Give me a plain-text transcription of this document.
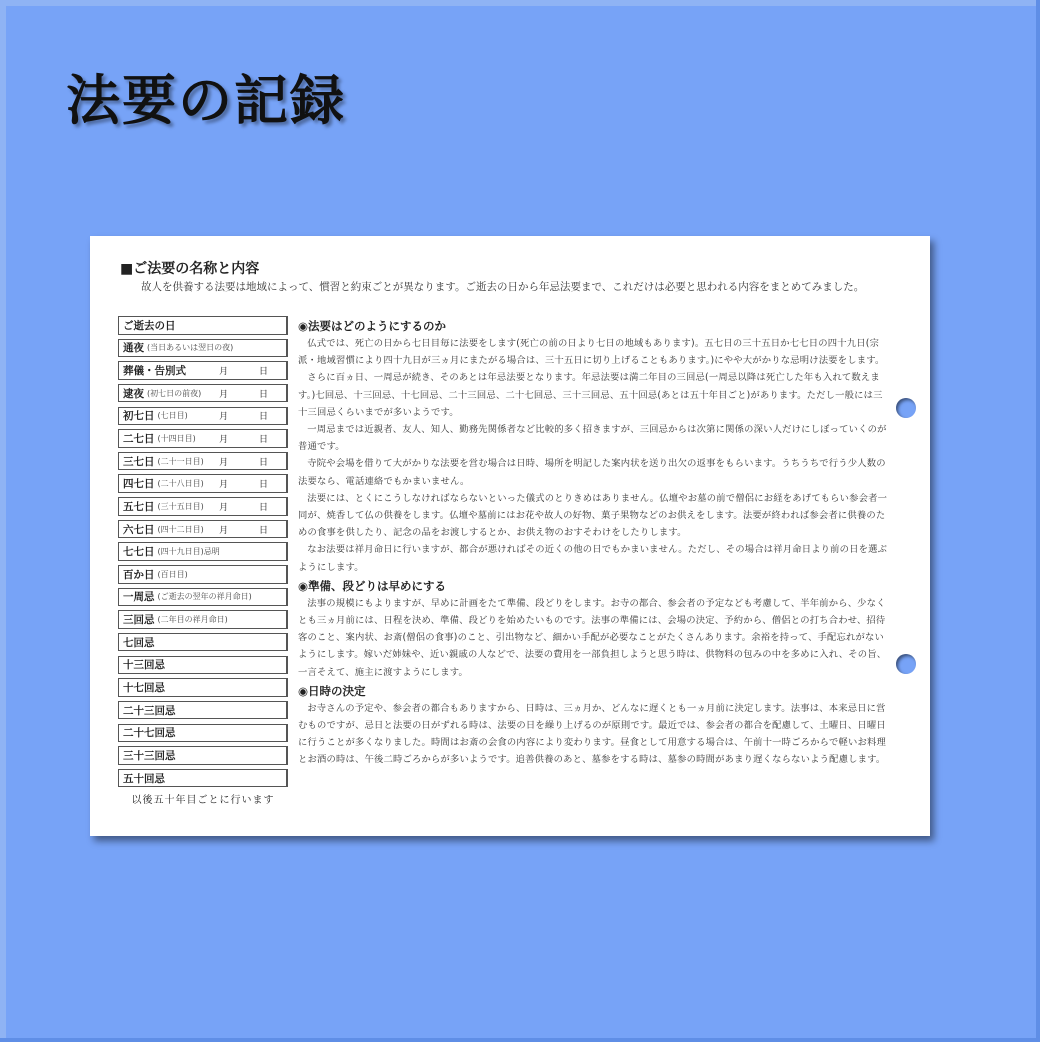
法要の記録
■ご法要の名称と内容
故人を供養する法要は地域によって、慣習と約束ごとが異なります。ご逝去の日から年忌法要まで、これだけは必要と思われる内容をまとめてみました。
ご逝去の日
通夜 (当日あるいは翌日の夜)
葬儀・告別式	月 日
逮夜 (初七日の前夜) 月 日
初七日 (七日目)	月 日
二七日 (十四日目)	月 日
三七日 (二十一日目) 月 日
四七日 (二十八日目) 月 日
五七日 (三十五日目) 月 日
六七日 (四十二日目) 月 日
七七日 (四十九日目)忌明
百か日 (百日目)
一周忌 (ご逝去の翌年の祥月命日)
三回忌 (二年目の祥月命日)
七回忌
十三回忌
十七回忌
二十三回忌
二十七回忌
三十三回忌
五十回忌
以後五十年目ごとに行います
◉法要はどのようにするのか

仏式では、死亡の日から七日目毎に法要をします(死亡の前の日より七日の地域もあります)。五七日の三十五日か七七日の四十九日(宗派・地域習慣により四十九日が三ヵ月にまたがる場合は、三十五日に切り上げることもあります。)にやや大がかりな忌明け法要をします。

さらに百ヵ日、一周忌が続き、そのあとは年忌法要となります。年忌法要は満二年目の三回忌(一周忌以降は死亡した年も入れて数えます。)七回忌、十三回忌、十七回忌、二十三回忌、二十七回忌、三十三回忌、五十回忌(あとは五十年目ごと)があります。ただし一般には三十三回忌くらいまでが多いようです。

一周忌までは近親者、友人、知人、勤務先関係者など比較的多く招きますが、三回忌からは次第に関係の深い人だけにしぼっていくのが普通です。

寺院や会場を借りて大がかりな法要を営む場合は日時、場所を明記した案内状を送り出欠の返事をもらいます。うちうちで行う少人数の法要なら、電話連絡でもかまいません。

法要には、とくにこうしなければならないといった儀式のとりきめはありません。仏壇やお墓の前で僧侶にお経をあげてもらい参会者一同が、焼香して仏の供養をします。仏壇や墓前にはお花や故人の好物、菓子果物などのお供えをします。法要が終われば参会者に供養のための食事を供したり、記念の品をお渡しするとか、お供え物のおすそわけをしたりします。

なお法要は祥月命日に行いますが、都合が悪ければその近くの他の日でもかまいません。ただし、その場合は祥月命日より前の日を選ぶようにします。

◉準備、段どりは早めにする

法事の規模にもよりますが、早めに計画をたて準備、段どりをします。お寺の都合、参会者の予定なども考慮して、半年前から、少なくとも三ヵ月前には、日程を決め、準備、段どりを始めたいものです。法事の準備には、会場の決定、予約から、僧侶との打ち合わせ、招待客のこと、案内状、お斎(僧侶の食事)のこと、引出物など、細かい手配が必要なことがたくさんあります。余裕を持って、手配忘れがないようにします。嫁いだ姉妹や、近い親戚の人などで、法要の費用を一部負担しようと思う時は、供物料の包みの中を多めに入れ、その旨、一言そえて、施主に渡すようにします。

◉日時の決定

お寺さんの予定や、参会者の都合もありますから、日時は、三ヵ月か、どんなに遅くとも一ヵ月前に決定します。法事は、本来忌日に営むものですが、忌日と法要の日がずれる時は、法要の日を繰り上げるのが原則です。最近では、参会者の都合を配慮して、土曜日、日曜日に行うことが多くなりました。時間はお斎の会食の内容により変わります。昼食として用意する場合は、午前十一時ごろからで軽いお料理とお酒の時は、午後二時ごろからが多いようです。追善供養のあと、墓参をする時は、墓参の時間があまり遅くならないよう配慮します。
